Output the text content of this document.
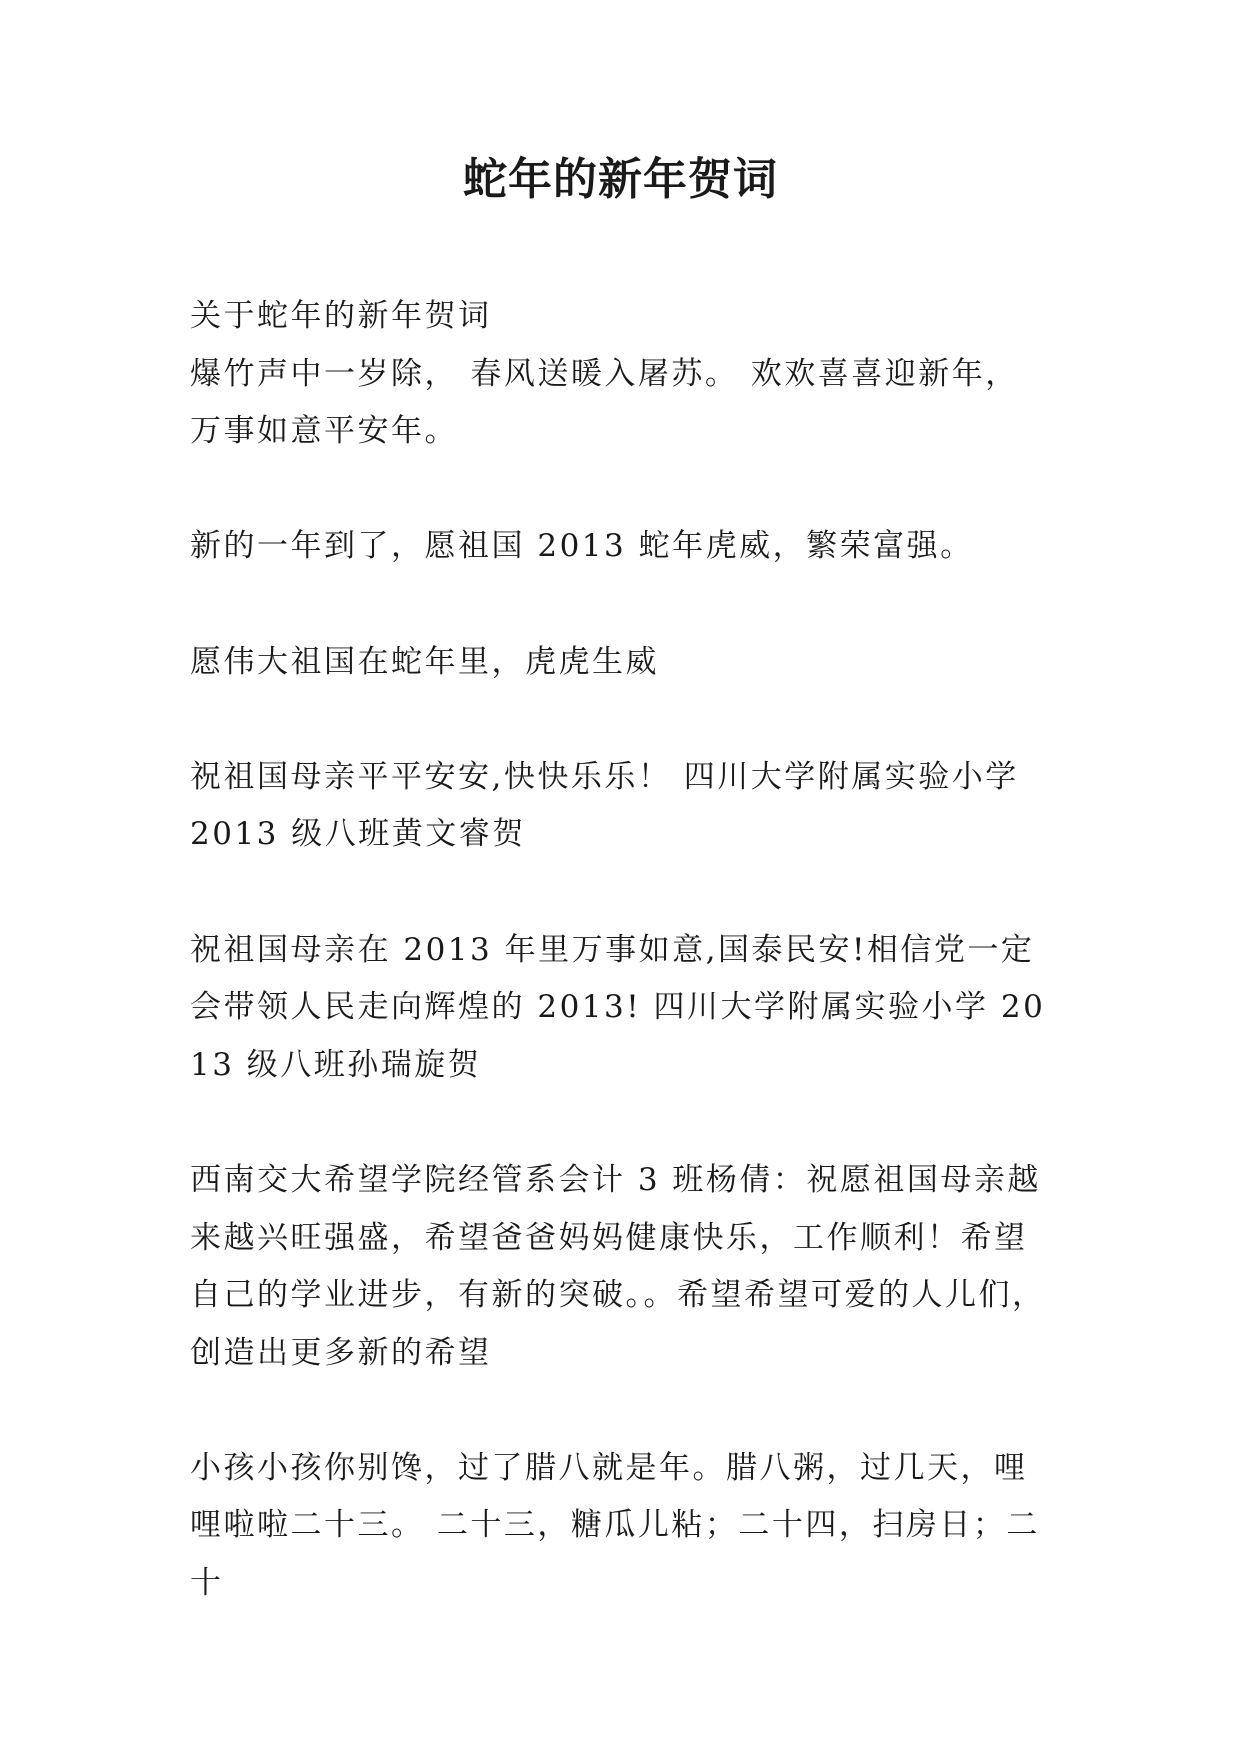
蛇年的新年贺词

关于蛇年的新年贺词

爆竹声中一岁除， 春风送暖入屠苏。 欢欢喜喜迎新年，万事如意平安年。

新的一年到了，愿祖国 2013 蛇年虎威，繁荣富强。

愿伟大祖国在蛇年里，虎虎生威

祝祖国母亲平平安安,快快乐乐！ 四川大学附属实验小学 2013 级八班黄文睿贺

祝祖国母亲在 2013 年里万事如意,国泰民安!相信党一定会带领人民走向辉煌的 2013! 四川大学附属实验小学 2013 级八班孙瑞旋贺

西南交大希望学院经管系会计 3 班杨倩：祝愿祖国母亲越来越兴旺强盛，希望爸爸妈妈健康快乐，工作顺利！希望自己的学业进步，有新的突破。。希望希望可爱的人儿们，创造出更多新的希望

小孩小孩你别馋，过了腊八就是年。腊八粥，过几天，哩哩啦啦二十三。 二十三，糖瓜儿粘；二十四，扫房日；二十
